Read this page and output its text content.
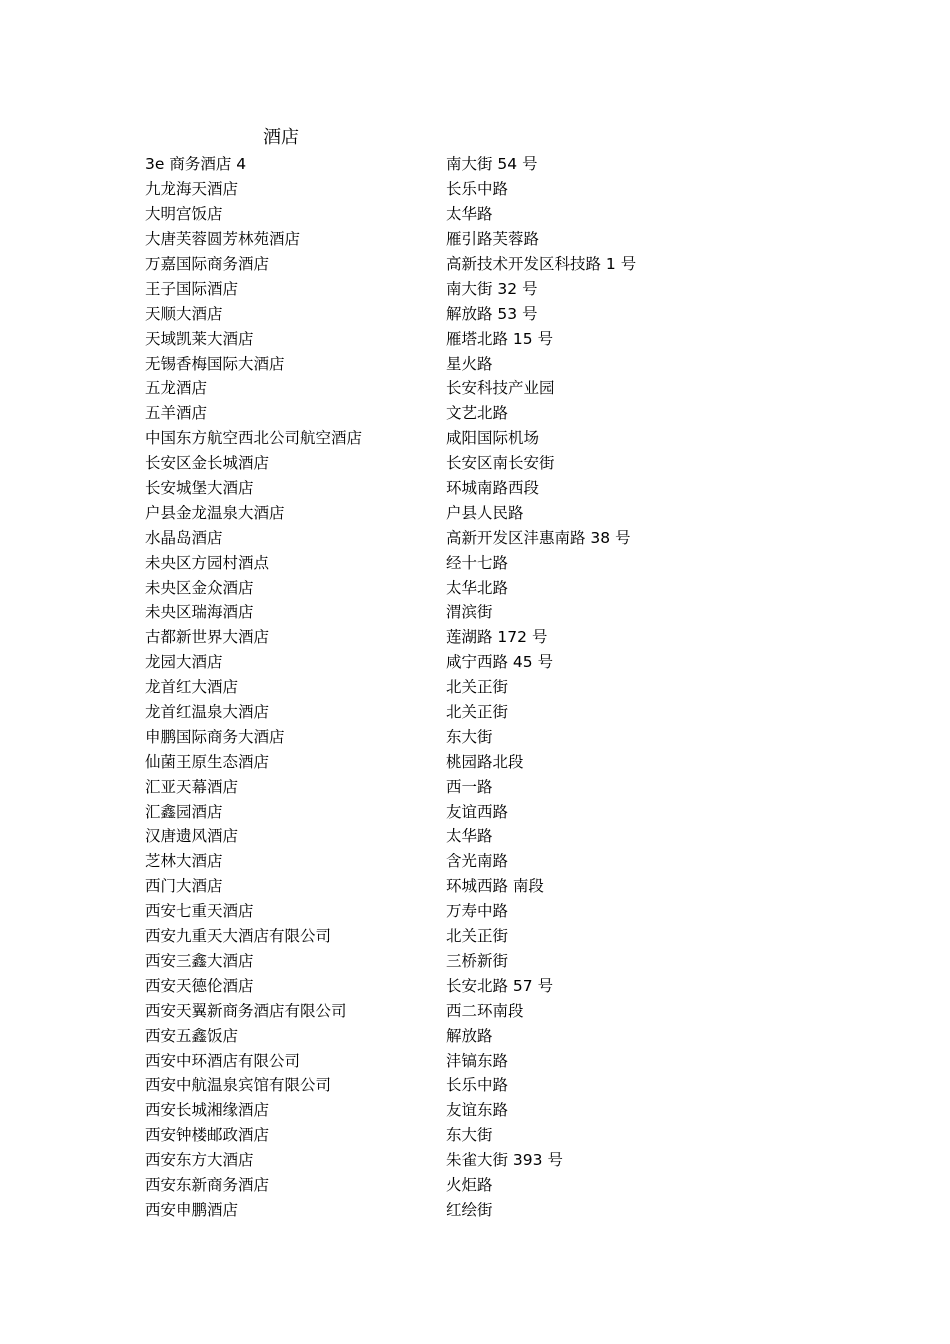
酒店
3e 商务酒店 4	南大街 54 号
九龙海天酒店	长乐中路
大明宫饭店	太华路
大唐芙蓉圆芳林苑酒店	雁引路芙蓉路
万嘉国际商务酒店	高新技术开发区科技路 1 号
王子国际酒店	南大街 32 号
天顺大酒店	解放路 53 号
天域凯莱大酒店	雁塔北路 15 号
无锡香梅国际大酒店	星火路
五龙酒店	长安科技产业园
五羊酒店	文艺北路
中国东方航空西北公司航空酒店	咸阳国际机场
长安区金长城酒店	长安区南长安街
长安城堡大酒店	环城南路西段
户县金龙温泉大酒店	户县人民路
水晶岛酒店	高新开发区沣惠南路 38 号
未央区方园村酒点	经十七路
未央区金众酒店	太华北路
未央区瑞海酒店	渭滨街
古都新世界大酒店	莲湖路 172 号
龙园大酒店	咸宁西路 45 号
龙首红大酒店	北关正街
龙首红温泉大酒店	北关正街
申鹏国际商务大酒店	东大街
仙菌王原生态酒店	桃园路北段
汇亚天幕酒店	西一路
汇鑫园酒店	友谊西路
汉唐遗风酒店	太华路
芝林大酒店	含光南路
西门大酒店	环城西路 南段
西安七重天酒店	万寿中路
西安九重天大酒店有限公司	北关正街
西安三鑫大酒店	三桥新街
西安天德伦酒店	长安北路 57 号
西安天翼新商务酒店有限公司	西二环南段
西安五鑫饭店	解放路
西安中环酒店有限公司	沣镐东路
西安中航温泉宾馆有限公司	长乐中路
西安长城湘缘酒店	友谊东路
西安钟楼邮政酒店	东大街
西安东方大酒店	朱雀大街 393 号
西安东新商务酒店	火炬路
西安申鹏酒店	红绘街
